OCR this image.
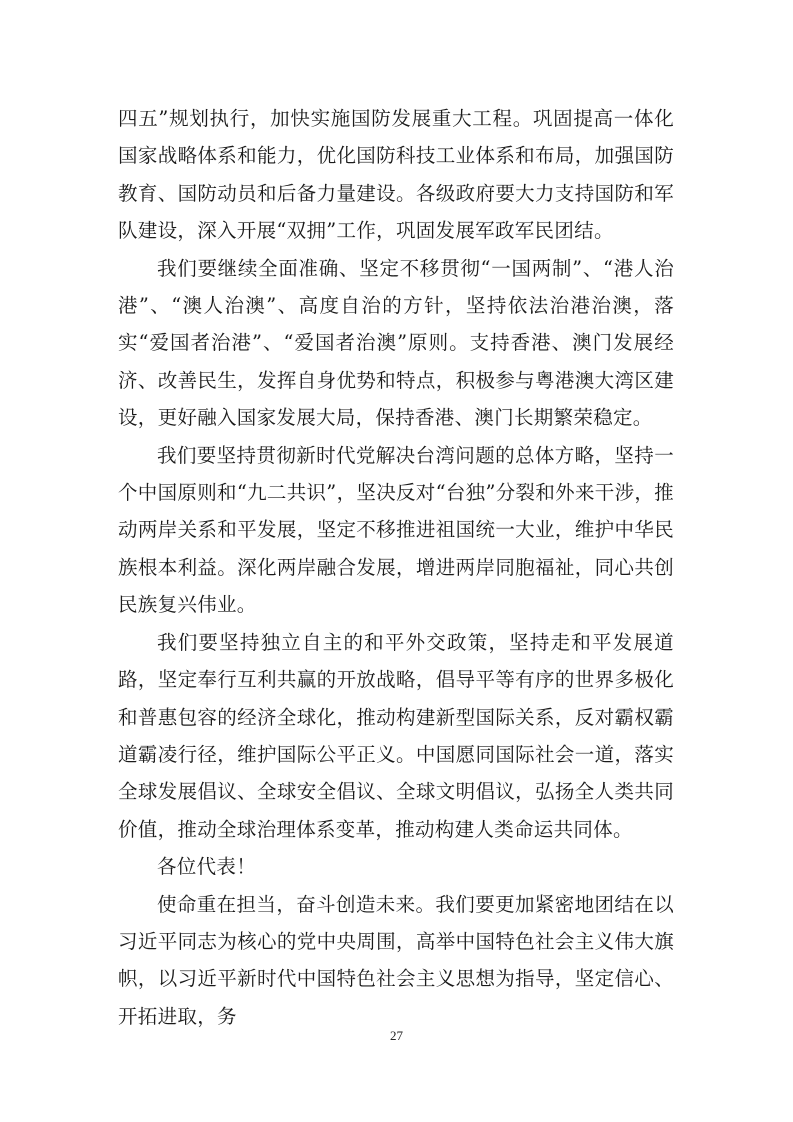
四五”规划执行，加快实施国防发展重大工程。巩固提高一体化国家战略体系和能力，优化国防科技工业体系和布局，加强国防教育、国防动员和后备力量建设。各级政府要大力支持国防和军队建设，深入开展“双拥”工作，巩固发展军政军民团结。

我们要继续全面准确、坚定不移贯彻“一国两制”、“港人治港”、“澳人治澳”、高度自治的方针，坚持依法治港治澳，落实“爱国者治港”、“爱国者治澳”原则。支持香港、澳门发展经济、改善民生，发挥自身优势和特点，积极参与粤港澳大湾区建设，更好融入国家发展大局，保持香港、澳门长期繁荣稳定。

我们要坚持贯彻新时代党解决台湾问题的总体方略，坚持一个中国原则和“九二共识”，坚决反对“台独”分裂和外来干涉，推动两岸关系和平发展，坚定不移推进祖国统一大业，维护中华民族根本利益。深化两岸融合发展，增进两岸同胞福祉，同心共创民族复兴伟业。

我们要坚持独立自主的和平外交政策，坚持走和平发展道路，坚定奉行互利共赢的开放战略，倡导平等有序的世界多极化和普惠包容的经济全球化，推动构建新型国际关系，反对霸权霸道霸凌行径，维护国际公平正义。中国愿同国际社会一道，落实全球发展倡议、全球安全倡议、全球文明倡议，弘扬全人类共同价值，推动全球治理体系变革，推动构建人类命运共同体。

各位代表！

使命重在担当，奋斗创造未来。我们要更加紧密地团结在以习近平同志为核心的党中央周围，高举中国特色社会主义伟大旗帜，以习近平新时代中国特色社会主义思想为指导，坚定信心、开拓进取，务

27
